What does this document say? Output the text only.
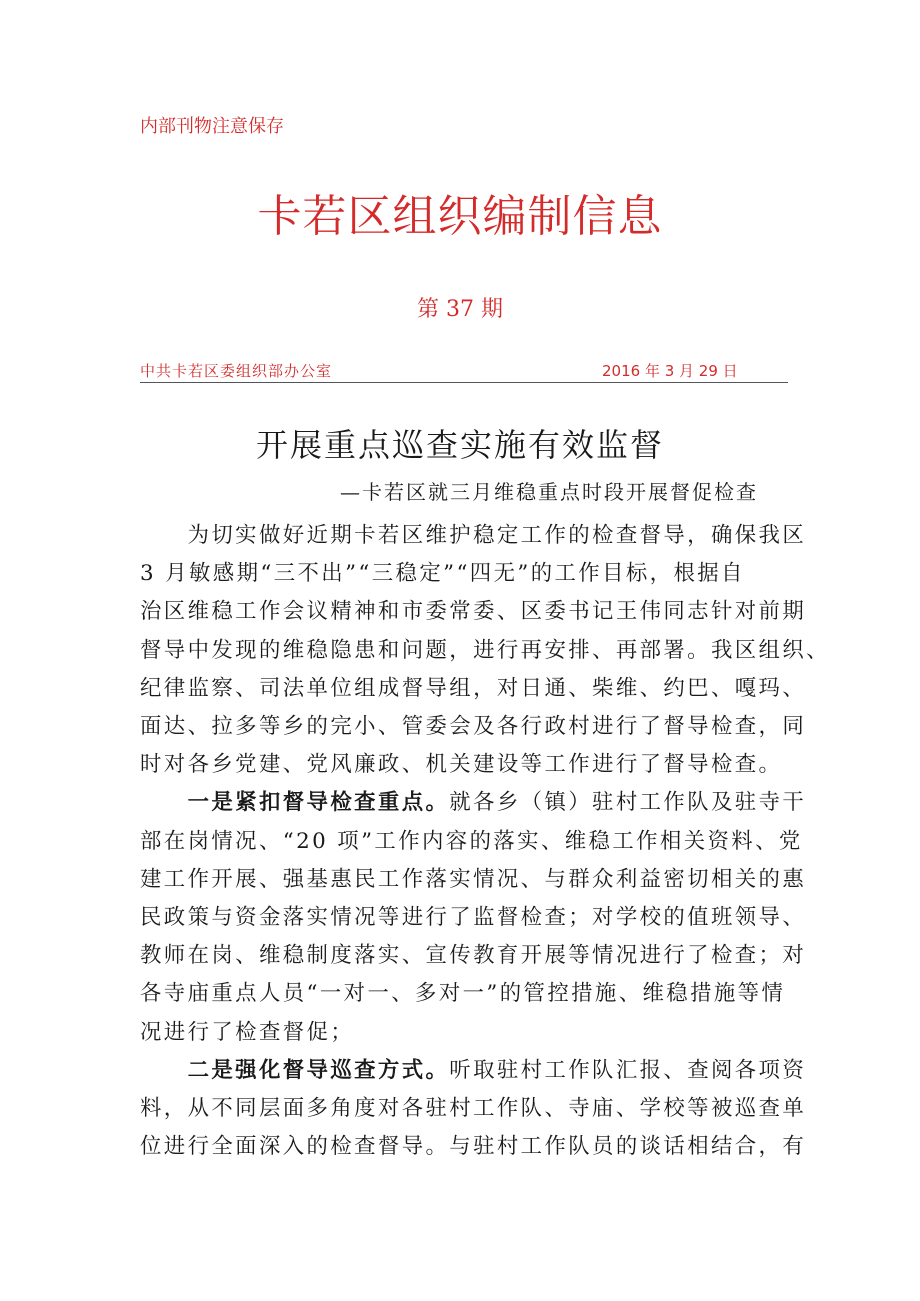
内部刊物注意保存
卡若区组织编制信息
第 37 期
中共卡若区委组织部办公室	2016 年 3 月 29 日
开展重点巡查实施有效监督
—卡若区就三月维稳重点时段开展督促检查
　　为切实做好近期卡若区维护稳定工作的检查督导，确保我区
3 月敏感期“三不出”“三稳定”“四无”的工作目标，根据自
治区维稳工作会议精神和市委常委、区委书记王伟同志针对前期
督导中发现的维稳隐患和问题，进行再安排、再部署。我区组织、
纪律监察、司法单位组成督导组，对日通、柴维、约巴、嘎玛、
面达、拉多等乡的完小、管委会及各行政村进行了督导检查，同
时对各乡党建、党风廉政、机关建设等工作进行了督导检查。
　　一是紧扣督导检查重点。就各乡（镇）驻村工作队及驻寺干
部在岗情况、“20 项”工作内容的落实、维稳工作相关资料、党
建工作开展、强基惠民工作落实情况、与群众利益密切相关的惠
民政策与资金落实情况等进行了监督检查；对学校的值班领导、
教师在岗、维稳制度落实、宣传教育开展等情况进行了检查；对
各寺庙重点人员“一对一、多对一”的管控措施、维稳措施等情
况进行了检查督促；
　　二是强化督导巡查方式。听取驻村工作队汇报、查阅各项资
料，从不同层面多角度对各驻村工作队、寺庙、学校等被巡查单
位进行全面深入的检查督导。与驻村工作队员的谈话相结合，有
